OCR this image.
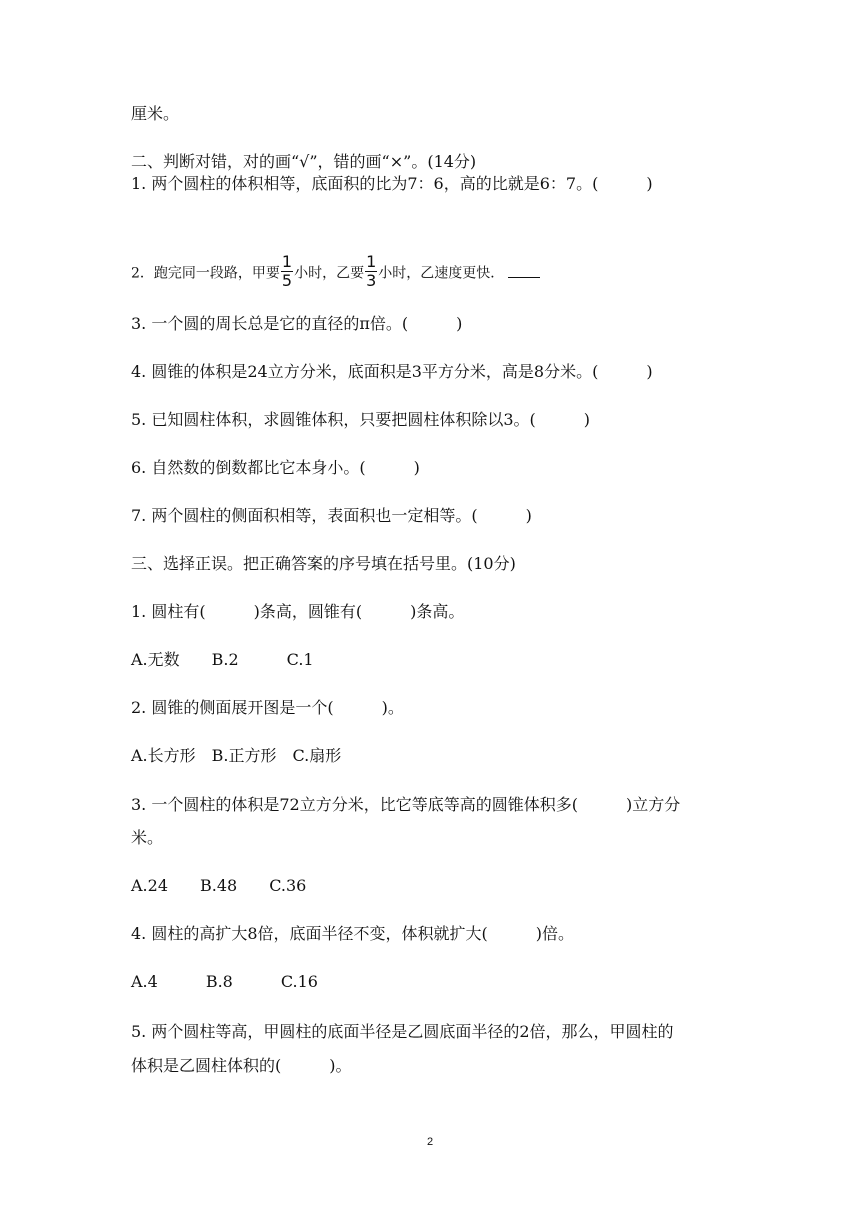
厘米。
二、判断对错，对的画“√”，错的画“×”。(14分)
1. 两个圆柱的体积相等，底面积的比为7：6，高的比就是6：7。(　　　)
2．跑完同一段路，甲要 $\frac{1}{5}$ 小时，乙要 $\frac{1}{3}$ 小时，乙速度更快．
3. 一个圆的周长总是它的直径的π倍。(　　　)
4. 圆锥的体积是24立方分米，底面积是3平方分米，高是8分米。(　　　)
5. 已知圆柱体积，求圆锥体积，只要把圆柱体积除以3。(　　　)
6. 自然数的倒数都比它本身小。(　　　)
7. 两个圆柱的侧面积相等，表面积也一定相等。(　　　)
三、选择正误。把正确答案的序号填在括号里。(10分)
1. 圆柱有(　　　)条高，圆锥有(　　　)条高。
A.无数　　B.2　　　C.1
2. 圆锥的侧面展开图是一个(　　　)。
A.长方形　B.正方形　C.扇形
3. 一个圆柱的体积是72立方分米，比它等底等高的圆锥体积多(　　　)立方分
米。
A.24　　B.48　　C.36
4. 圆柱的高扩大8倍，底面半径不变，体积就扩大(　　　)倍。
A.4　　　B.8　　　C.16
5. 两个圆柱等高，甲圆柱的底面半径是乙圆底面半径的2倍，那么，甲圆柱的
体积是乙圆柱体积的(　　　)。
2
